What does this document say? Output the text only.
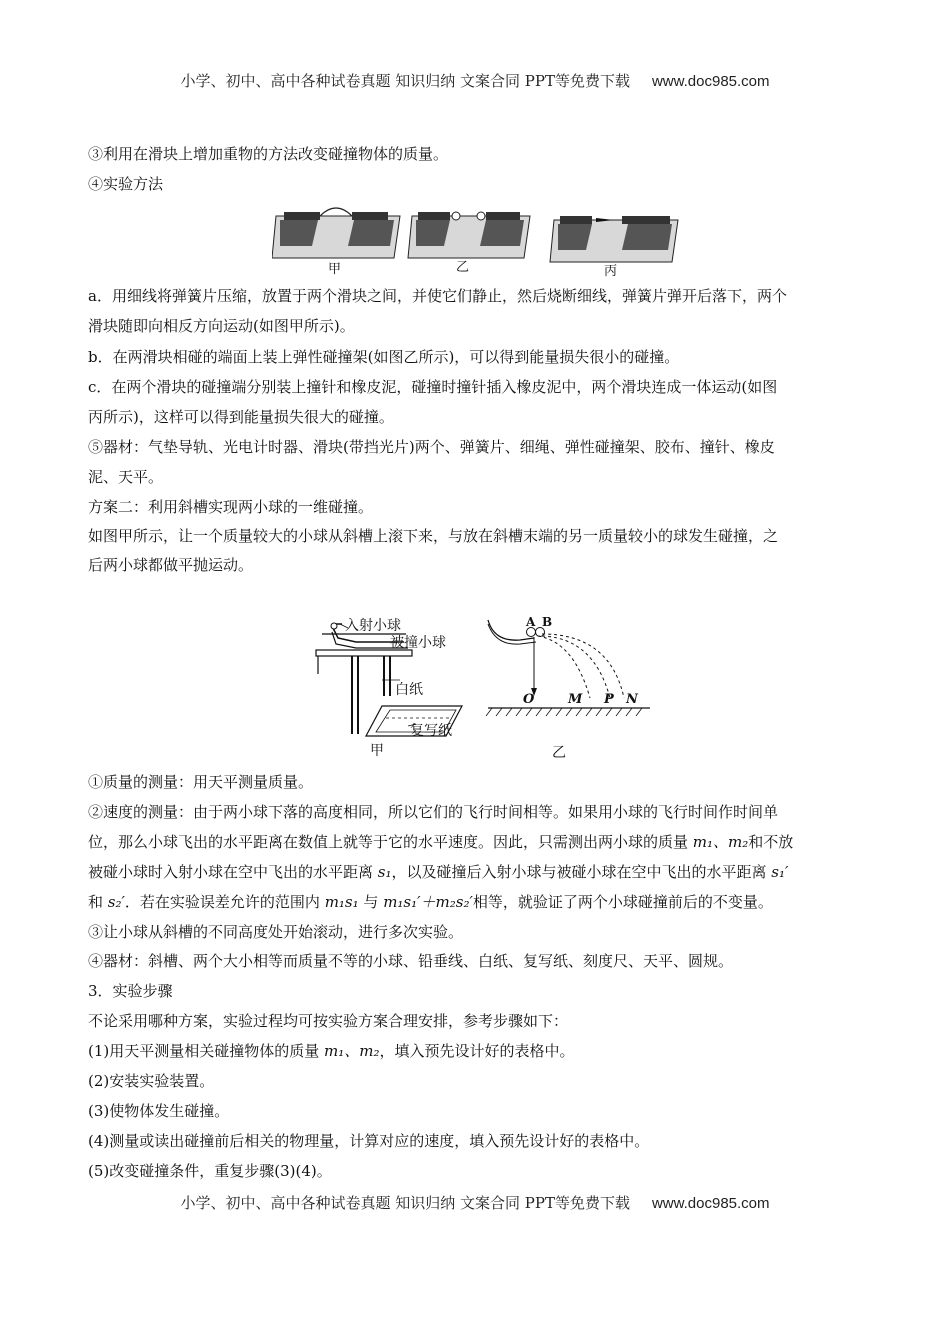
小学、初中、高中各种试卷真题 知识归纳 文案合同 PPT等免费下载 www.doc985.com
③利用在滑块上增加重物的方法改变碰撞物体的质量。
④实验方法
甲	乙	丙
a．用细线将弹簧片压缩，放置于两个滑块之间，并使它们静止，然后烧断细线，弹簧片弹开后落下，两个
滑块随即向相反方向运动(如图甲所示)。
b．在两滑块相碰的端面上装上弹性碰撞架(如图乙所示)，可以得到能量损失很小的碰撞。
c．在两个滑块的碰撞端分别装上撞针和橡皮泥，碰撞时撞针插入橡皮泥中，两个滑块连成一体运动(如图
丙所示)，这样可以得到能量损失很大的碰撞。
⑤器材：气垫导轨、光电计时器、滑块(带挡光片)两个、弹簧片、细绳、弹性碰撞架、胶布、撞针、橡皮
泥、天平。
方案二：利用斜槽实现两小球的一维碰撞。
如图甲所示，让一个质量较大的小球从斜槽上滚下来，与放在斜槽末端的另一质量较小的球发生碰撞，之
后两小球都做平抛运动。
入射小球
被撞小球
白纸
复写纸
甲
A B
O	M P N
乙
①质量的测量：用天平测量质量。
②速度的测量：由于两小球下落的高度相同，所以它们的飞行时间相等。如果用小球的飞行时间作时间单
位，那么小球飞出的水平距离在数值上就等于它的水平速度。因此，只需测出两小球的质量 m₁、m₂和不放
被碰小球时入射小球在空中飞出的水平距离 s₁，以及碰撞后入射小球与被碰小球在空中飞出的水平距离 s₁′
和 s₂′．若在实验误差允许的范围内 m₁s₁ 与 m₁s₁′＋m₂s₂′相等，就验证了两个小球碰撞前后的不变量。
③让小球从斜槽的不同高度处开始滚动，进行多次实验。
④器材：斜槽、两个大小相等而质量不等的小球、铅垂线、白纸、复写纸、刻度尺、天平、圆规。
3．实验步骤
不论采用哪种方案，实验过程均可按实验方案合理安排，参考步骤如下：
(1)用天平测量相关碰撞物体的质量 m₁、m₂，填入预先设计好的表格中。
(2)安装实验装置。
(3)使物体发生碰撞。
(4)测量或读出碰撞前后相关的物理量，计算对应的速度，填入预先设计好的表格中。
(5)改变碰撞条件，重复步骤(3)(4)。
小学、初中、高中各种试卷真题 知识归纳 文案合同 PPT等免费下载 www.doc985.com
